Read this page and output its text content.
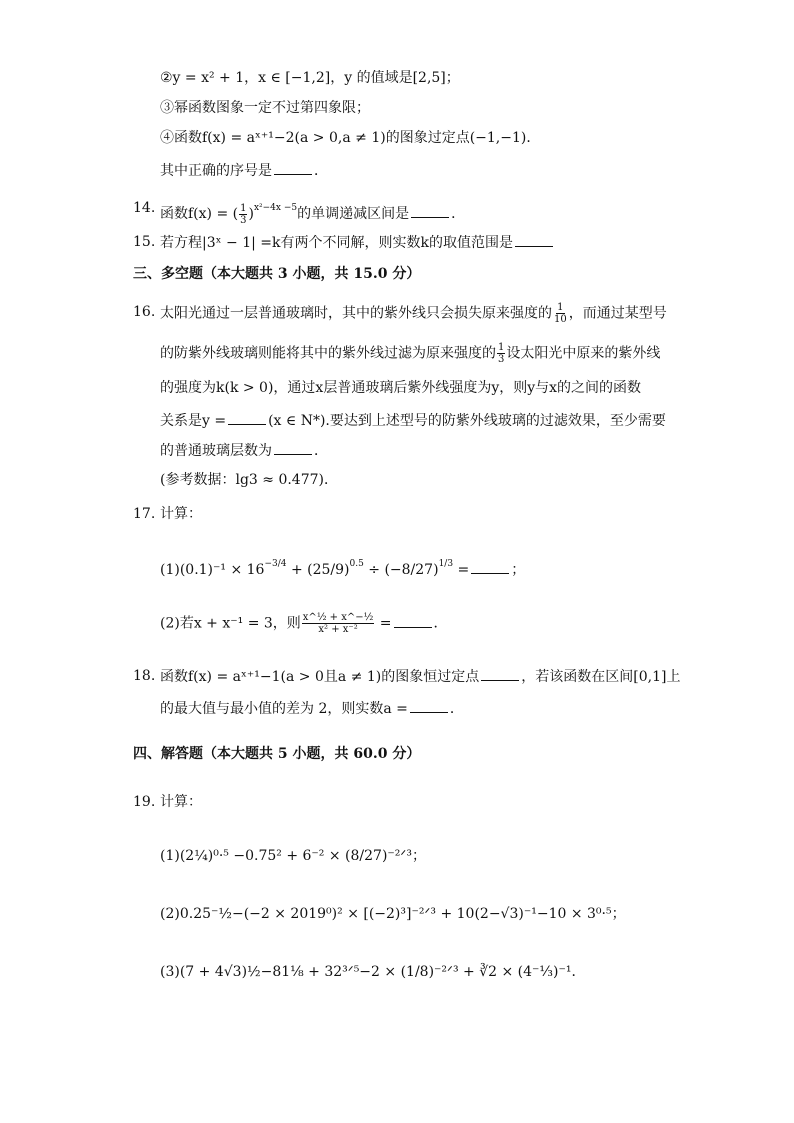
②y = x² + 1，x ∈ [−1,2]，y 的值域是[2,5]；
③幂函数图象一定不过第四象限；
④函数f(x) = aˣ⁺¹−2(a > 0,a ≠ 1)的图象过定点(−1,−1)．
其中正确的序号是	．
14. 函数f(x) = ( $\frac{1}{3} )^{x^2-4x -5}$的单调递减区间是	．
15. 若方程|3ˣ − 1| =k有两个不同解，则实数k的取值范围是
三、多空题（本大题共 3 小题，共 15.0 分）
16. 太阳光通过一层普通玻璃时，其中的紫外线只会损失原来强度的 $\frac{1}{10}$ ，而通过某型号
的防紫外线玻璃则能将其中的紫外线过滤为原来强度的 $\frac{1}{3}$ 设太阳光中原来的紫外线
的强度为k(k > 0)，通过x层普通玻璃后紫外线强度为y，则y与x的之间的函数
关系是y =	(x ∈ N*).要达到上述型号的防紫外线玻璃的过滤效果，至少需要
的普通玻璃层数为	．
(参考数据：lg3 ≈ 0.477)．
17. 计算：
$(1)(0.1)^{-1} \times 16^{-3/4} + (25/9)^{0.5} \div (-8/27)^{1/3}$ =	；
(2)若x + x⁻¹ = 3，则 $\frac{\text{x\textasciicircum{}½ + x\textasciicircum{}−½}}{\text{x² + x⁻²}}$ =	．
18. 函数f(x) = aˣ⁺¹−1(a > 0且a ≠ 1)的图象恒过定点	，若该函数在区间[0,1]上
的最大值与最小值的差为 2，则实数a =	．
四、解答题（本大题共 5 小题，共 60.0 分）
19. 计算：
(1)(2¼)⁰·⁵ −0.75² + 6⁻² × (8/27)⁻²ᐟ³；
(2)0.25⁻½−(−2 × 2019⁰)² × [(−2)³]⁻²ᐟ³ + 10(2−√3)⁻¹−10 × 3⁰·⁵；
(3)(7 + 4√3)½−81⅛ + 32³ᐟ⁵−2 × (1/8)⁻²ᐟ³ + ∛2 × (4⁻⅓)⁻¹．
